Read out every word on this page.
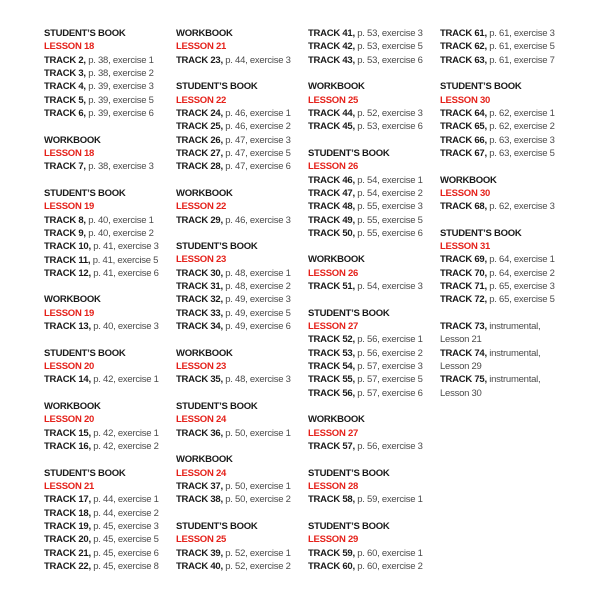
STUDENT’S BOOK
LESSON 18
TRACK 2, p. 38, exercise 1
TRACK 3, p. 38, exercise 2
TRACK 4, p. 39, exercise 3
TRACK 5, p. 39, exercise 5
TRACK 6, p. 39, exercise 6
WORKBOOK
LESSON 18
TRACK 7, p. 38, exercise 3
STUDENT’S BOOK
LESSON 19
TRACK 8, p. 40, exercise 1
TRACK 9, p. 40, exercise 2
TRACK 10, p. 41, exercise 3
TRACK 11, p. 41, exercise 5
TRACK 12, p. 41, exercise 6
WORKBOOK
LESSON 19
TRACK 13, p. 40, exercise 3
STUDENT’S BOOK
LESSON 20
TRACK 14, p. 42, exercise 1
WORKBOOK
LESSON 20
TRACK 15, p. 42, exercise 1
TRACK 16, p. 42, exercise 2
STUDENT’S BOOK
LESSON 21
TRACK 17, p. 44, exercise 1
TRACK 18, p. 44, exercise 2
TRACK 19, p. 45, exercise 3
TRACK 20, p. 45, exercise 5
TRACK 21, p. 45, exercise 6
TRACK 22, p. 45, exercise 8
WORKBOOK
LESSON 21
TRACK 23, p. 44, exercise 3
STUDENT’S BOOK
LESSON 22
TRACK 24, p. 46, exercise 1
TRACK 25, p. 46, exercise 2
TRACK 26, p. 47, exercise 3
TRACK 27, p. 47, exercise 5
TRACK 28, p. 47, exercise 6
WORKBOOK
LESSON 22
TRACK 29, p. 46, exercise 3
STUDENT’S BOOK
LESSON 23
TRACK 30, p. 48, exercise 1
TRACK 31, p. 48, exercise 2
TRACK 32, p. 49, exercise 3
TRACK 33, p. 49, exercise 5
TRACK 34, p. 49, exercise 6
WORKBOOK
LESSON 23
TRACK 35, p. 48, exercise 3
STUDENT’S BOOK
LESSON 24
TRACK 36, p. 50, exercise 1
WORKBOOK
LESSON 24
TRACK 37, p. 50, exercise 1
TRACK 38, p. 50, exercise 2
STUDENT’S BOOK
LESSON 25
TRACK 39, p. 52, exercise 1
TRACK 40, p. 52, exercise 2
TRACK 41, p. 53, exercise 3
TRACK 42, p. 53, exercise 5
TRACK 43, p. 53, exercise 6
WORKBOOK
LESSON 25
TRACK 44, p. 52, exercise 3
TRACK 45, p. 53, exercise 6
STUDENT’S BOOK
LESSON 26
TRACK 46, p. 54, exercise 1
TRACK 47, p. 54, exercise 2
TRACK 48, p. 55, exercise 3
TRACK 49, p. 55, exercise 5
TRACK 50, p. 55, exercise 6
WORKBOOK
LESSON 26
TRACK 51, p. 54, exercise 3
STUDENT’S BOOK
LESSON 27
TRACK 52, p. 56, exercise 1
TRACK 53, p. 56, exercise 2
TRACK 54, p. 57, exercise 3
TRACK 55, p. 57, exercise 5
TRACK 56, p. 57, exercise 6
WORKBOOK
LESSON 27
TRACK 57, p. 56, exercise 3
STUDENT’S BOOK
LESSON 28
TRACK 58, p. 59, exercise 1
STUDENT’S BOOK
LESSON 29
TRACK 59, p. 60, exercise 1
TRACK 60, p. 60, exercise 2
TRACK 61, p. 61, exercise 3
TRACK 62, p. 61, exercise 5
TRACK 63, p. 61, exercise 7
STUDENT’S BOOK
LESSON 30
TRACK 64, p. 62, exercise 1
TRACK 65, p. 62, exercise 2
TRACK 66, p. 63, exercise 3
TRACK 67, p. 63, exercise 5
WORKBOOK
LESSON 30
TRACK 68, p. 62, exercise 3
STUDENT’S BOOK
LESSON 31
TRACK 69, p. 64, exercise 1
TRACK 70, p. 64, exercise 2
TRACK 71, p. 65, exercise 3
TRACK 72, p. 65, exercise 5
TRACK 73, instrumental,
Lesson 21
TRACK 74, instrumental,
Lesson 29
TRACK 75, instrumental,
Lesson 30
